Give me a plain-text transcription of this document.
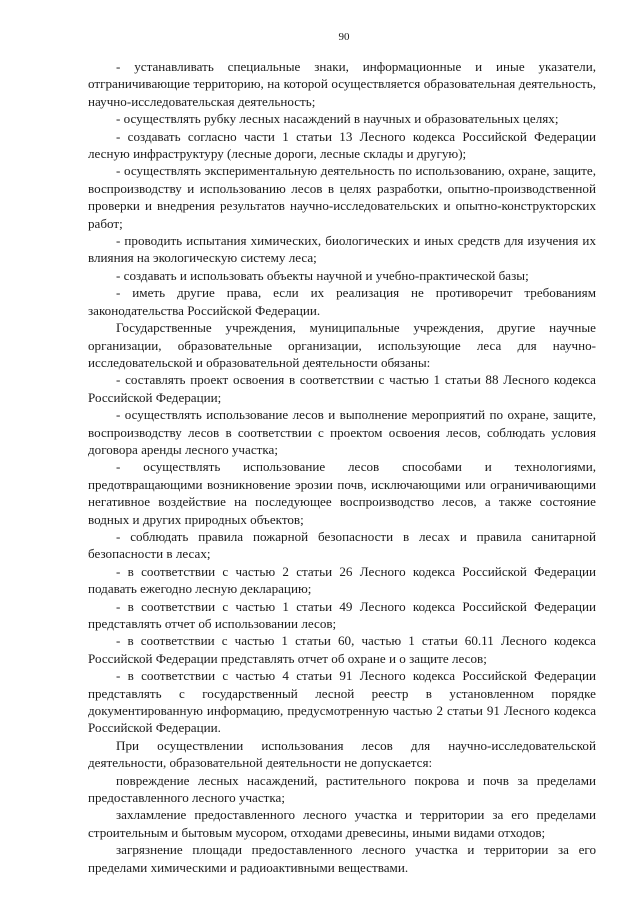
90

- устанавливать специальные знаки, информационные и иные указатели, отграничивающие территорию, на которой осуществляется образовательная деятельность, научно-исследовательская деятельность;

- осуществлять рубку лесных насаждений в научных и образовательных целях;

- создавать согласно части 1 статьи 13 Лесного кодекса Российской Федерации лесную инфраструктуру (лесные дороги, лесные склады и другую);

- осуществлять экспериментальную деятельность по использованию, охране, защите, воспроизводству и использованию лесов в целях разработки, опытно-производственной проверки и внедрения результатов научно-исследовательских и опытно-конструкторских работ;

- проводить испытания химических, биологических и иных средств для изучения их влияния на экологическую систему леса;

- создавать и использовать объекты научной и учебно-практической базы;

- иметь другие права, если их реализация не противоречит требованиям законодательства Российской Федерации.

Государственные учреждения, муниципальные учреждения, другие научные организации, образовательные организации, использующие леса для научно-исследовательской и образовательной деятельности обязаны:

- составлять проект освоения в соответствии с частью 1 статьи 88 Лесного кодекса Российской Федерации;

- осуществлять использование лесов и выполнение мероприятий по охране, защите, воспроизводству лесов в соответствии с проектом освоения лесов, соблюдать условия договора аренды лесного участка;

- осуществлять использование лесов способами и технологиями, предотвращающими возникновение эрозии почв, исключающими или ограничивающими негативное воздействие на последующее воспроизводство лесов, а также состояние водных и других природных объектов;

- соблюдать правила пожарной безопасности в лесах и правила санитарной безопасности в лесах;

- в соответствии с частью 2 статьи 26 Лесного кодекса Российской Федерации подавать ежегодно лесную декларацию;

- в соответствии с частью 1 статьи 49 Лесного кодекса Российской Федерации представлять отчет об использовании лесов;

- в соответствии с частью 1 статьи 60, частью 1 статьи 60.11 Лесного кодекса Российской Федерации представлять отчет об охране и о защите лесов;

- в соответствии с частью 4 статьи 91 Лесного кодекса Российской Федерации представлять с государственный лесной реестр в установленном порядке документированную информацию, предусмотренную частью 2 статьи 91 Лесного кодекса Российской Федерации.

При осуществлении использования лесов для научно-исследовательской деятельности, образовательной деятельности не допускается:

повреждение лесных насаждений, растительного покрова и почв за пределами предоставленного лесного участка;

захламление предоставленного лесного участка и территории за его пределами строительным и бытовым мусором, отходами древесины, иными видами отходов;

загрязнение площади предоставленного лесного участка и территории за его пределами химическими и радиоактивными веществами.
